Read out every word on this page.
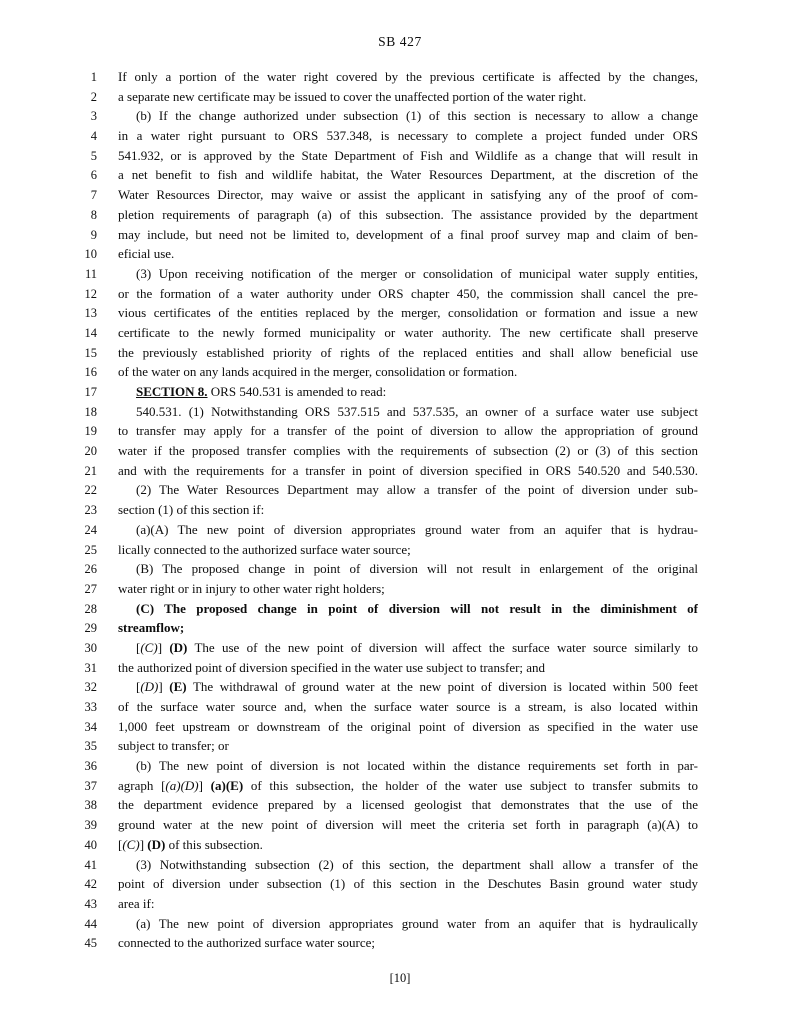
SB 427
1 If only a portion of the water right covered by the previous certificate is affected by the changes,
2 a separate new certificate may be issued to cover the unaffected portion of the water right.
3	(b) If the change authorized under subsection (1) of this section is necessary to allow a change
4 in a water right pursuant to ORS 537.348, is necessary to complete a project funded under ORS
5 541.932, or is approved by the State Department of Fish and Wildlife as a change that will result in
6 a net benefit to fish and wildlife habitat, the Water Resources Department, at the discretion of the
7 Water Resources Director, may waive or assist the applicant in satisfying any of the proof of com-
8 pletion requirements of paragraph (a) of this subsection. The assistance provided by the department
9 may include, but need not be limited to, development of a final proof survey map and claim of ben-
10 eficial use.
11	(3) Upon receiving notification of the merger or consolidation of municipal water supply entities,
12 or the formation of a water authority under ORS chapter 450, the commission shall cancel the pre-
13 vious certificates of the entities replaced by the merger, consolidation or formation and issue a new
14 certificate to the newly formed municipality or water authority. The new certificate shall preserve
15 the previously established priority of rights of the replaced entities and shall allow beneficial use
16 of the water on any lands acquired in the merger, consolidation or formation.
17	SECTION 8. ORS 540.531 is amended to read:
18	540.531. (1) Notwithstanding ORS 537.515 and 537.535, an owner of a surface water use subject
19 to transfer may apply for a transfer of the point of diversion to allow the appropriation of ground
20 water if the proposed transfer complies with the requirements of subsection (2) or (3) of this section
21 and with the requirements for a transfer in point of diversion specified in ORS 540.520 and 540.530.
22	(2) The Water Resources Department may allow a transfer of the point of diversion under sub-
23 section (1) of this section if:
24	(a)(A) The new point of diversion appropriates ground water from an aquifer that is hydrau-
25 lically connected to the authorized surface water source;
26	(B) The proposed change in point of diversion will not result in enlargement of the original
27 water right or in injury to other water right holders;
28	(C) The proposed change in point of diversion will not result in the diminishment of
29 streamflow;
30	[(C)] (D) The use of the new point of diversion will affect the surface water source similarly to
31 the authorized point of diversion specified in the water use subject to transfer; and
32	[(D)] (E) The withdrawal of ground water at the new point of diversion is located within 500 feet
33 of the surface water source and, when the surface water source is a stream, is also located within
34 1,000 feet upstream or downstream of the original point of diversion as specified in the water use
35 subject to transfer; or
36	(b) The new point of diversion is not located within the distance requirements set forth in par-
37 agraph [(a)(D)] (a)(E) of this subsection, the holder of the water use subject to transfer submits to
38 the department evidence prepared by a licensed geologist that demonstrates that the use of the
39 ground water at the new point of diversion will meet the criteria set forth in paragraph (a)(A) to
40 [(C)] (D) of this subsection.
41	(3) Notwithstanding subsection (2) of this section, the department shall allow a transfer of the
42 point of diversion under subsection (1) of this section in the Deschutes Basin ground water study
43 area if:
44	(a) The new point of diversion appropriates ground water from an aquifer that is hydraulically
45 connected to the authorized surface water source;
[10]
